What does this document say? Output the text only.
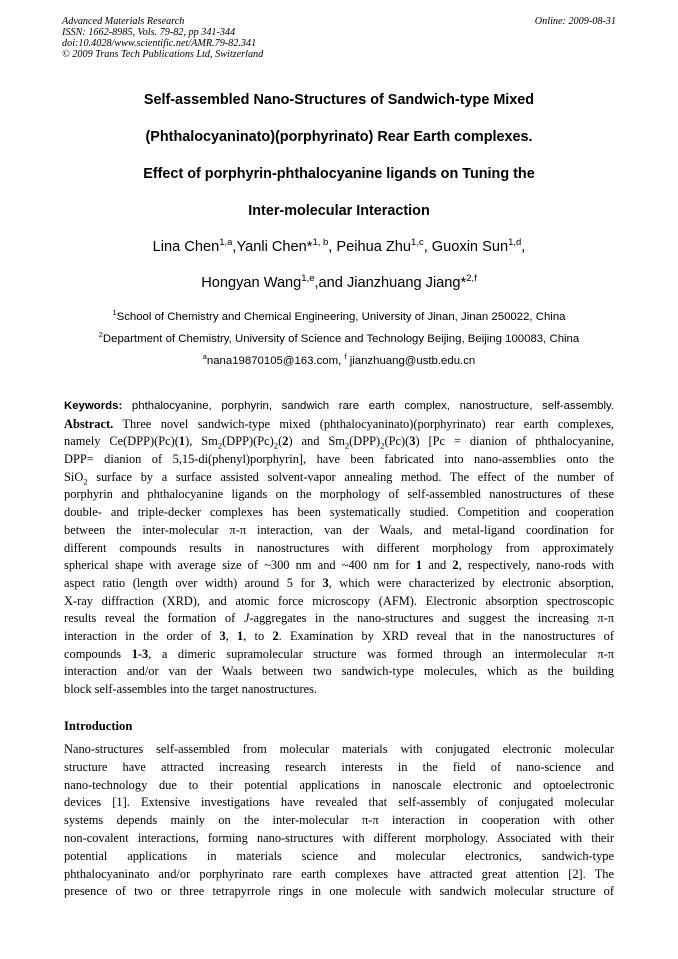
Advanced Materials Research
ISSN: 1662-8985, Vols. 79-82, pp 341-344
doi:10.4028/www.scientific.net/AMR.79-82.341
© 2009 Trans Tech Publications Ltd, Switzerland
Online: 2009-08-31
Self-assembled Nano-Structures of Sandwich-type Mixed
(Phthalocyaninato)(porphyrinato) Rear Earth complexes.
Effect of porphyrin-phthalocyanine ligands on Tuning the
Inter-molecular Interaction
Lina Chen$^{1,a}$,Yanli Chen*$^{1, b}$, Peihua Zhu$^{1,c}$, Guoxin Sun$^{1,d}$,
Hongyan Wang$^{1,e}$,and Jianzhuang Jiang*$^{2,f}$
$^1$School of Chemistry and Chemical Engineering, University of Jinan, Jinan 250022, China
$^2$Department of Chemistry, University of Science and Technology Beijing, Beijing 100083, China
$^a$nana19870105@163.com, $^f$ jianzhuang@ustb.edu.cn
Keywords: phthalocyanine, porphyrin, sandwich rare earth complex, nanostructure, self-assembly.
Abstract. Three novel sandwich-type mixed (phthalocyaninato)(porphyrinato) rear earth complexes,
namely Ce(DPP)(Pc)(1), $Sm_2(DPP)(Pc)_2(2)$ and $Sm_2(DPP)_2(Pc)(3) [Pc$ = dianion of phthalocyanine,
DPP= dianion of 5,15-di(phenyl)porphyrin], have been fabricated into nano-assemblies onto the
SiO$_2$ surface by a surface assisted solvent-vapor annealing method. The effect of the number of
porphyrin and phthalocyanine ligands on the morphology of self-assembled nanostructures of these
double- and triple-decker complexes has been systematically studied. Competition and cooperation
between the inter-molecular π-π interaction, van der Waals, and metal-ligand coordination for
different compounds results in nanostructures with different morphology from approximately
spherical shape with average size of ~300 nm and ~400 nm for 1 and 2, respectively, nano-rods with
aspect ratio (length over width) around 5 for 3, which were characterized by electronic absorption,
X-ray diffraction (XRD), and atomic force microscopy (AFM). Electronic absorption spectroscopic
results reveal the formation of J-aggregates in the nano-structures and suggest the increasing π-π
interaction in the order of 3, 1, to 2. Examination by XRD reveal that in the nanostructures of
compounds 1-3, a dimeric supramolecular structure was formed through an intermolecular π-π
interaction and/or van der Waals between two sandwich-type molecules, which as the building
block self-assembles into the target nanostructures.
Introduction
Nano-structures self-assembled from molecular materials with conjugated electronic molecular
structure have attracted increasing research interests in the field of nano-science and
nano-technology due to their potential applications in nanoscale electronic and optoelectronic
devices [1]. Extensive investigations have revealed that self-assembly of conjugated molecular
systems depends mainly on the inter-molecular π-π interaction in cooperation with other
non-covalent interactions, forming nano-structures with different morphology. Associated with their
potential applications in materials science and molecular electronics, sandwich-type
phthalocyaninato and/or porphyrinato rare earth complexes have attracted great attention [2]. The
presence of two or three tetrapyrrole rings in one molecule with sandwich molecular structure of
